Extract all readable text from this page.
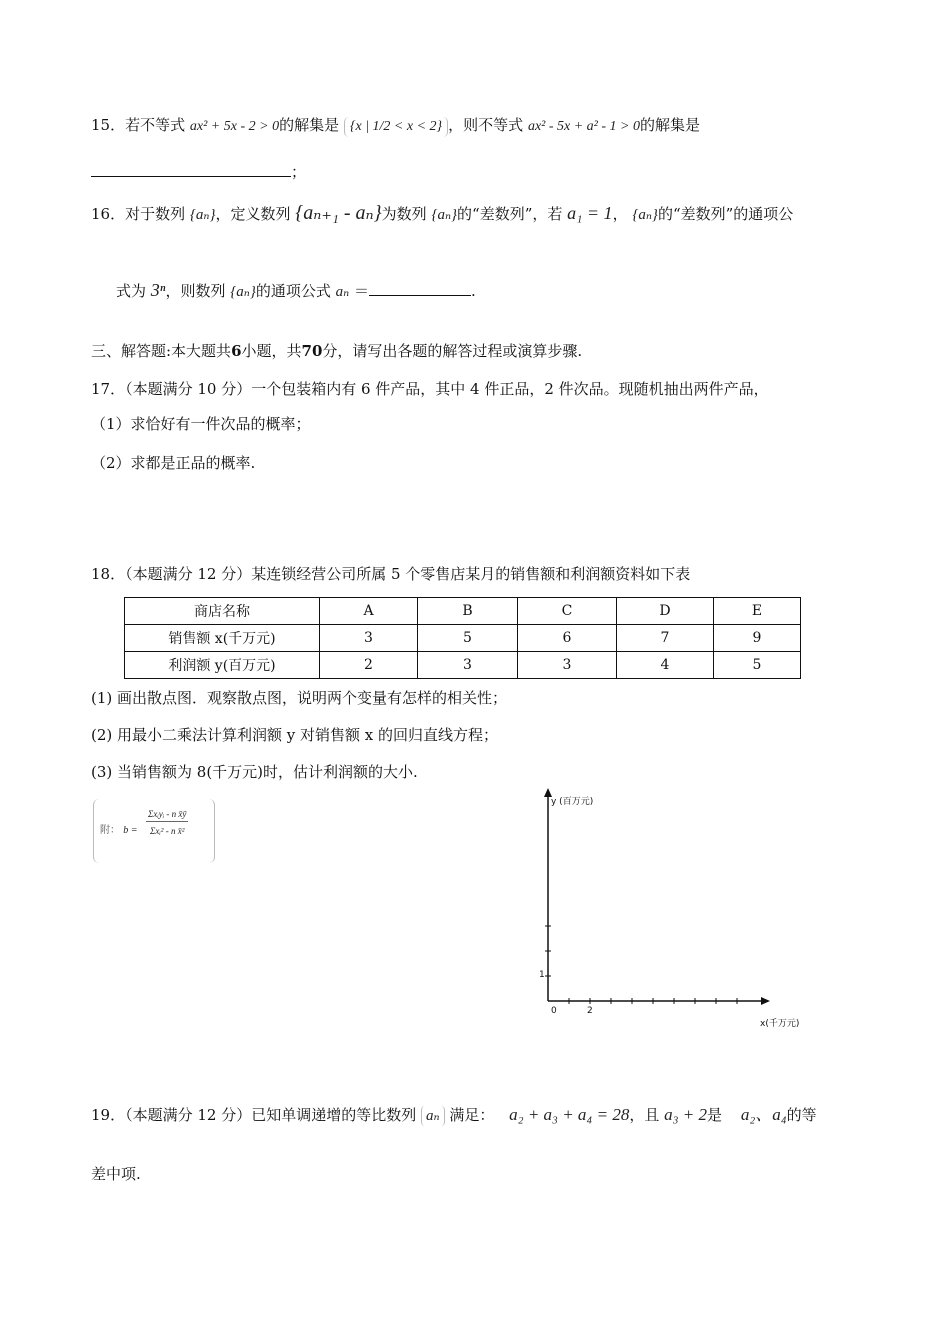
15．若不等式 ax² + 5x - 2 > 0的解集是 {x | 1/2 < x < 2} ，则不等式 ax² - 5x + a² - 1 > 0的解集是
；
16．对于数列 {aₙ}，定义数列 {aₙ₊₁ - aₙ}为数列 {aₙ}的“差数列”，若 a₁ = 1， {aₙ}的“差数列”的通项公
式为 3ⁿ，则数列 {aₙ}的通项公式 aₙ ＝	.
三、解答题:本大题共6小题，共70分，请写出各题的解答过程或演算步骤.
17．（本题满分 10 分）一个包装箱内有 6 件产品，其中 4 件正品，2 件次品。现随机抽出两件产品，
（1）求恰好有一件次品的概率；
（2）求都是正品的概率.
18．（本题满分 12 分）某连锁经营公司所属 5 个零售店某月的销售额和利润额资料如下表
商店名称	A	B	C	D	E
销售额 x(千万元)	3	5	6	7	9
利润额 y(百万元)	2	3	3	4	5
(1) 画出散点图．观察散点图，说明两个变量有怎样的相关性；
(2) 用最小二乘法计算利润额 y 对销售额 x 的回归直线方程；
(3) 当销售额为 8(千万元)时，估计利润额的大小.
附： b =
Σxᵢyᵢ - n x̄ȳ
Σxᵢ² - n x̄²
y (百万元)
x(千万元)
0	2
1
19．（本题满分 12 分）已知单调递增的等比数列 aₙ 满足： a₂ + a₃ + a₄ = 28，且 a₃ + 2是 a₂、a₄的等
差中项.
